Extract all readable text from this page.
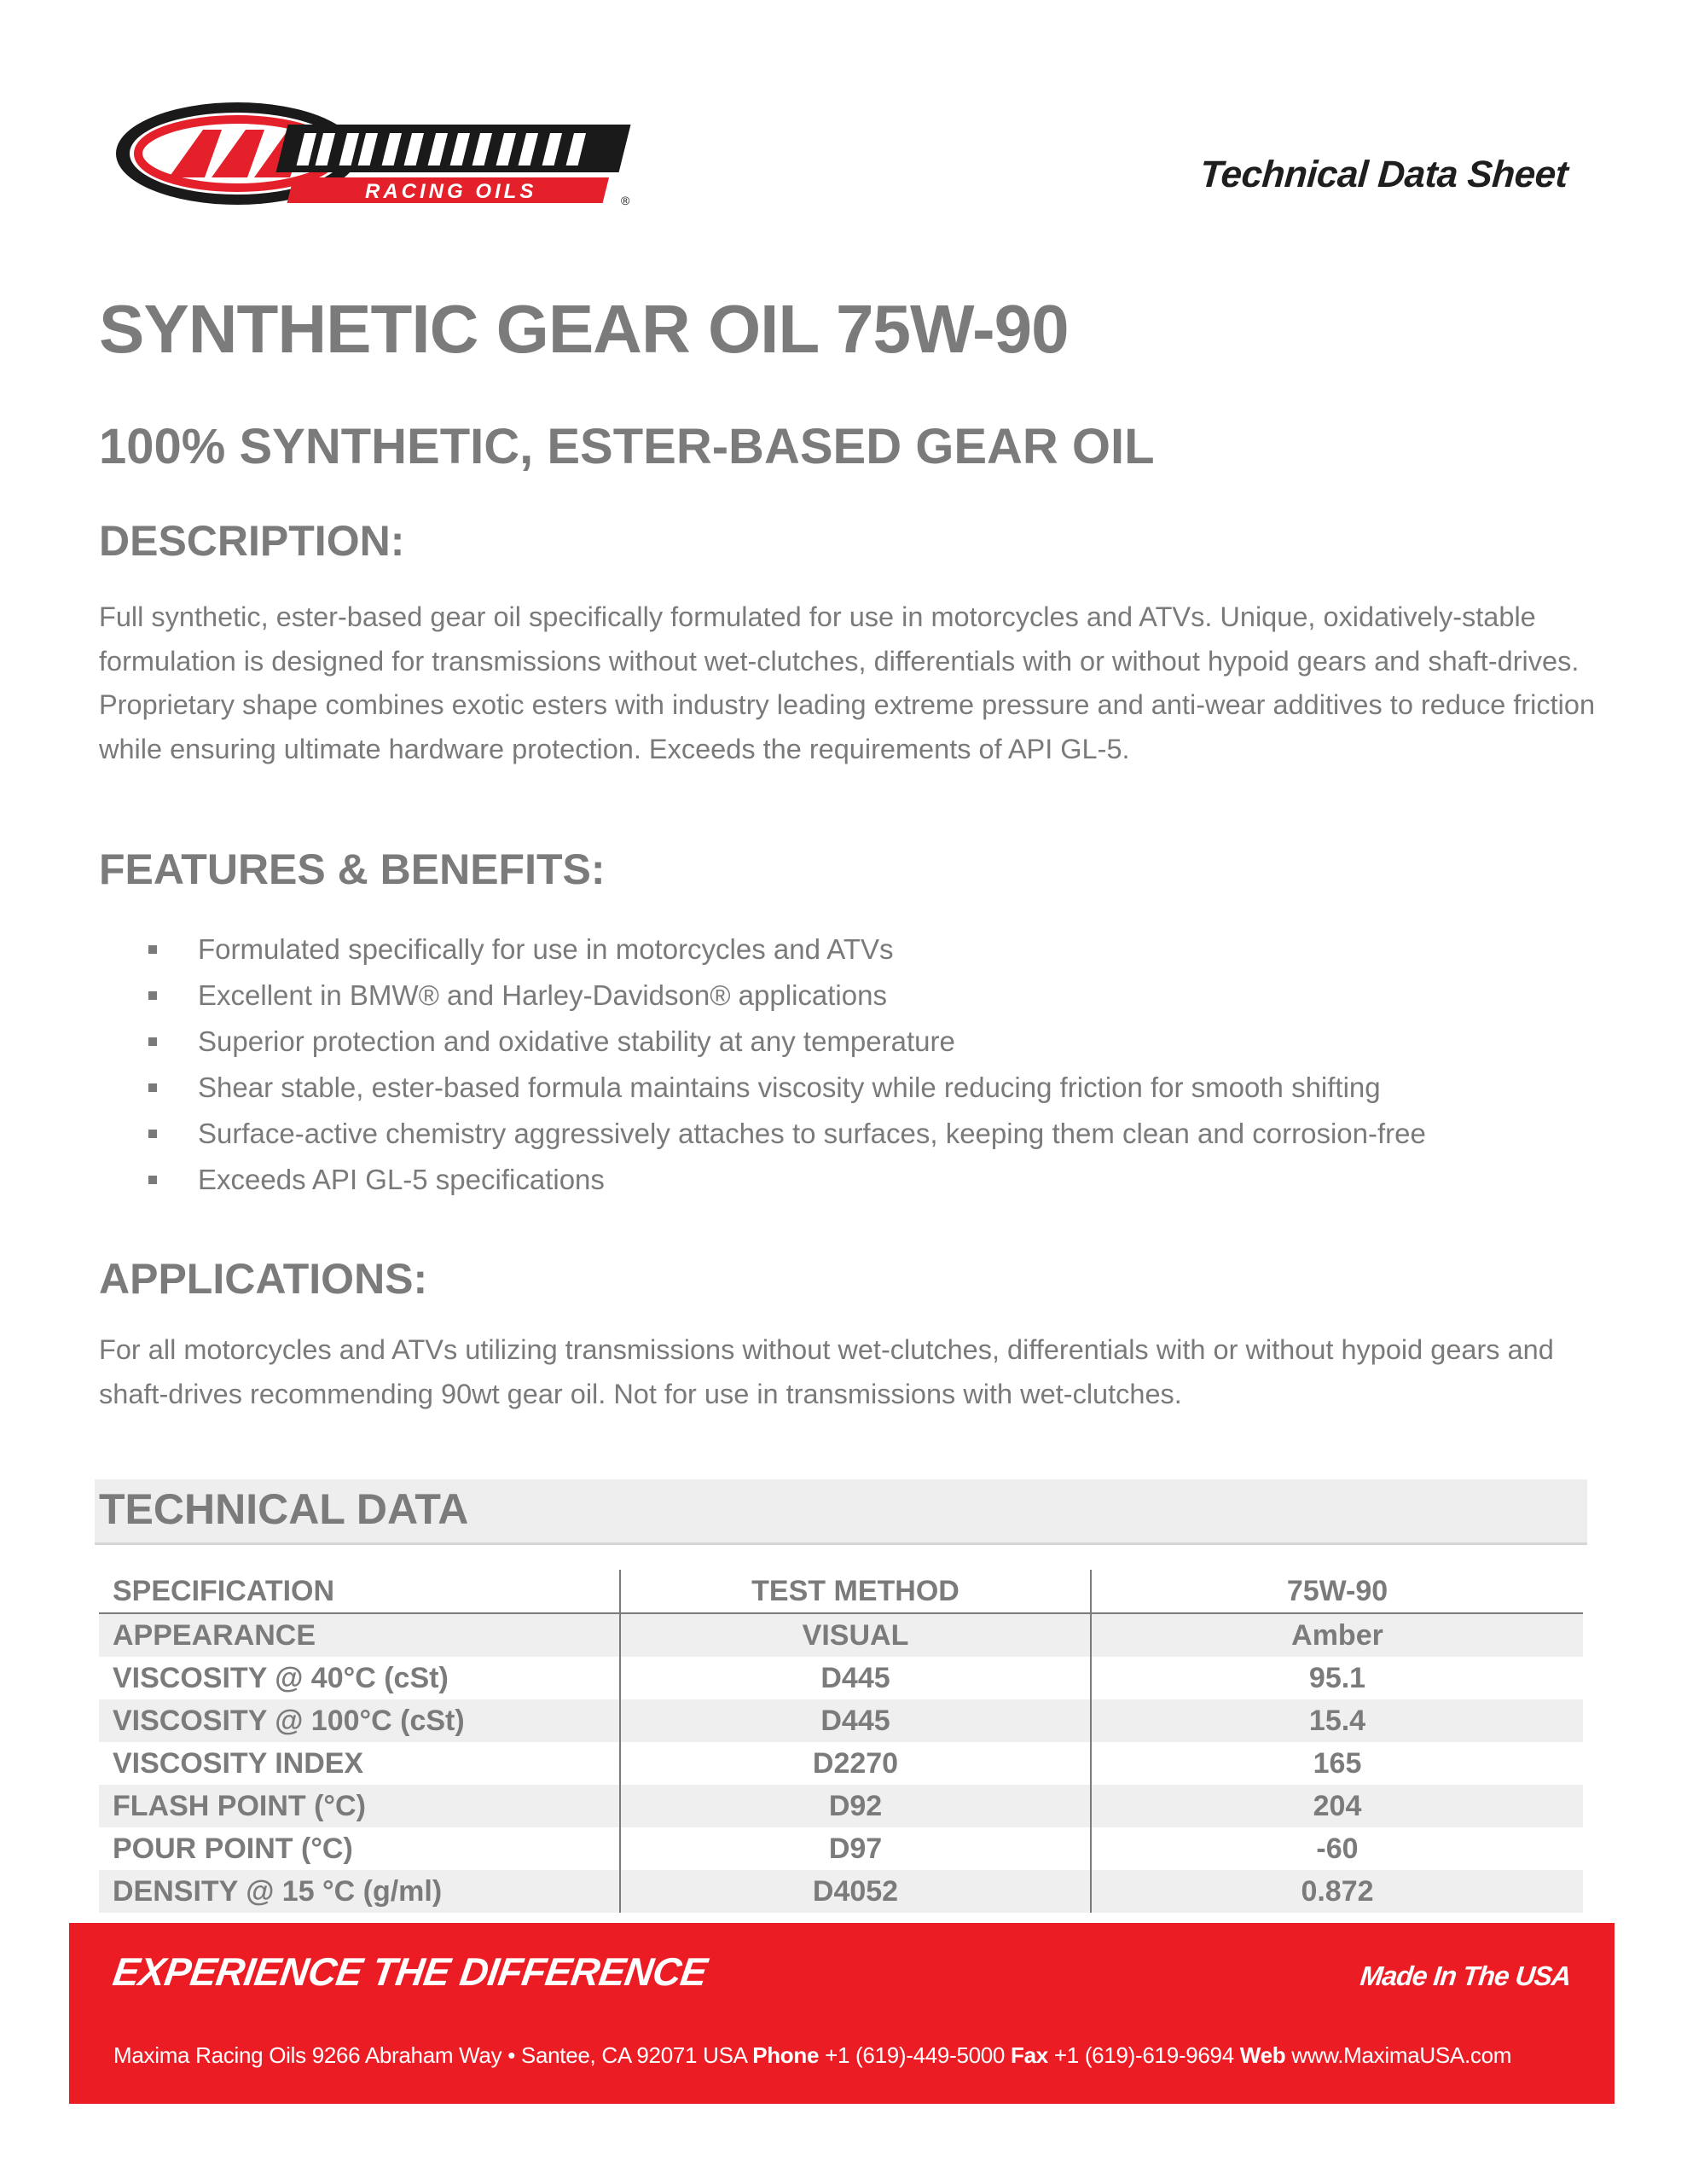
RACING OILS	®
Technical Data Sheet
SYNTHETIC GEAR OIL 75W-90
100% SYNTHETIC, ESTER-BASED GEAR OIL
DESCRIPTION:

Full synthetic, ester-based gear oil specifically formulated for use in motorcycles and ATVs. Unique, oxidatively-stable formulation is designed for transmissions without wet-clutches, differentials with or without hypoid gears and shaft-drives. Proprietary shape combines exotic esters with industry leading extreme pressure and anti-wear additives to reduce friction while ensuring ultimate hardware protection. Exceeds the requirements of API GL-5.

FEATURES & BENEFITS:
Formulated specifically for use in motorcycles and ATVs
Excellent in BMW® and Harley-Davidson® applications
Superior protection and oxidative stability at any temperature
Shear stable, ester-based formula maintains viscosity while reducing friction for smooth shifting
Surface-active chemistry aggressively attaches to surfaces, keeping them clean and corrosion-free
Exceeds API GL-5 specifications
APPLICATIONS:

For all motorcycles and ATVs utilizing transmissions without wet-clutches, differentials with or without hypoid gears and shaft-drives recommending 90wt gear oil. Not for use in transmissions with wet-clutches.

TECHNICAL DATA
SPECIFICATION	TEST METHOD	75W-90
APPEARANCE	VISUAL	Amber
VISCOSITY @ 40°C (cSt)	D445	95.1
VISCOSITY @ 100°C (cSt)	D445	15.4
VISCOSITY INDEX	D2270	165
FLASH POINT (°C)	D92	204
POUR POINT (°C)	D97	-60
DENSITY @ 15 °C (g/ml)	D4052	0.872
EXPERIENCE THE DIFFERENCE	Made In The USA
Maxima Racing Oils 9266 Abraham Way • Santee, CA 92071 USA Phone +1 (619)-449-5000 Fax +1 (619)-619-9694 Web www.MaximaUSA.com
